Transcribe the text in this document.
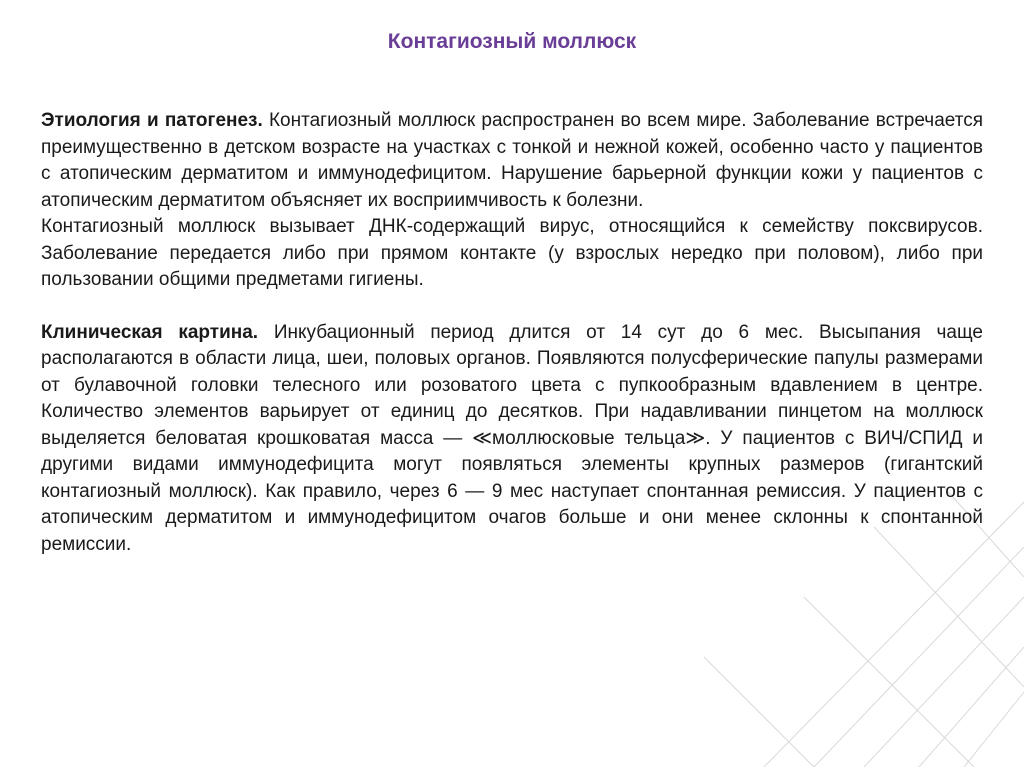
Контагиозный моллюск

Этиология и патогенез. Контагиозный моллюск распространен во всем мире. Заболевание встречается преимущественно в детском возрасте на участках с тонкой и нежной кожей, особенно часто у пациентов с атопическим дерматитом и иммунодефицитом. Нарушение барьерной функции кожи у пациентов с атопическим дерматитом объясняет их восприимчивость к болезни.

Контагиозный моллюск вызывает ДНК-содержащий вирус, относящийся к семейству поксвирусов. Заболевание передается либо при прямом контакте (у взрослых нередко при половом), либо при пользовании общими предметами гигиены.

Клиническая картина. Инкубационный период длится от 14 сут до 6 мес. Высыпания чаще располагаются в области лица, шеи, половых органов. Появляются полусферические папулы размерами от булавочной головки телесного или розоватого цвета с пупкообразным вдавлением в центре. Количество элементов варьирует от единиц до десятков. При надавливании пинцетом на моллюск выделяется беловатая крошковатая масса — ≪моллюсковые тельца≫. У пациентов с ВИЧ/СПИД и другими видами иммунодефицита могут появляться элементы крупных размеров (гигантский контагиозный моллюск). Как правило, через 6 — 9 мес наступает спонтанная ремиссия. У пациентов с атопическим дерматитом и иммунодефицитом очагов больше и они менее склонны к спонтанной ремиссии.
